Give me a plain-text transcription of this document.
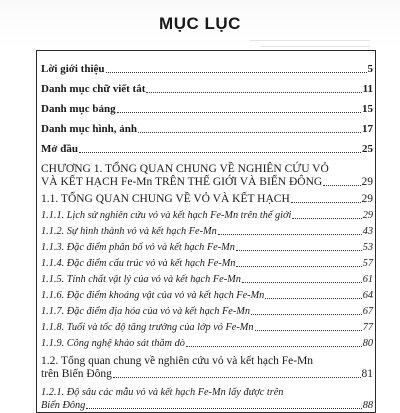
MỤC LỤC
Lời giới thiệu	5
Danh mục chữ viết tắt	11
Danh mục bảng	15
Danh mục hình, ảnh	17
Mở đầu	25
CHƯƠNG 1. TỔNG QUAN CHUNG VỀ NGHIÊN CỨU VỎ
VÀ KẾT HẠCH Fe-Mn TRÊN THẾ GIỚI VÀ BIỂN ĐÔNG	29
1.1. TỔNG QUAN CHUNG VỀ VỎ VÀ KẾT HẠCH	29
1.1.1. Lịch sử nghiên cứu vỏ và kết hạch Fe-Mn trên thế giới	29
1.1.2. Sự hình thành vỏ và kết hạch Fe-Mn	43
1.1.3. Đặc điểm phân bố vỏ và kết hạch Fe-Mn	53
1.1.4. Đặc điểm cấu trúc vỏ và kết hạch Fe-Mn	57
1.1.5. Tính chất vật lý của vỏ và kết hạch Fe-Mn	61
1.1.6. Đặc điểm khoáng vật của vỏ và kết hạch Fe-Mn	64
1.1.7. Đặc điểm địa hóa của vỏ và kết hạch Fe-Mn	67
1.1.8. Tuổi và tốc độ tăng trưởng của lớp vỏ Fe-Mn	77
1.1.9. Công nghệ khảo sát thăm dò	80
1.2. Tổng quan chung về nghiên cứu vỏ và kết hạch Fe-Mn
trên Biển Đông	81
1.2.1. Độ sâu các mẫu vỏ và kết hạch Fe-Mn lấy được trên
Biển Đông	88
